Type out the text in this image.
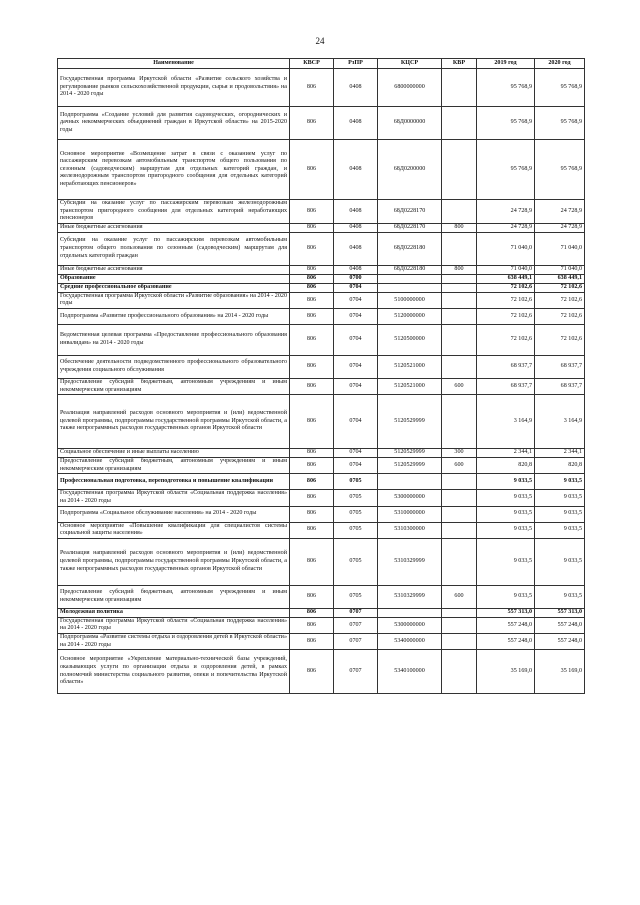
24
Наименование	КВСР	РзПР	КЦСР	КВР	2019 год	2020 год
Государственная программа Иркутской области «Развитие сельского хозяйства и регулирование рынков сельскохозяйственной продукции, сырья и продовольствия» на 2014 - 2020 годы	806	0408	6800000000		95 768,9	95 768,9
Подпрограмма «Создание условий для развития садоводческих, огороднических и дачных некоммерческих объединений граждан в Иркутской области» на 2015-2020 годы	806	0408	68Д0000000		95 768,9	95 768,9
Основное мероприятие «Возмещение затрат в связи с оказанием услуг по пассажирским перевозкам автомобильным транспортом общего пользования по сезонным (садоводческим) маршрутам для отдельных категорий граждан, и железнодорожным транспортом пригородного сообщения для отдельных категорий неработающих пенсионеров»	806	0408	68Д0200000		95 768,9	95 768,9
Субсидии на оказание услуг по пассажирским перевозкам железнодорожным транспортом пригородного сообщения для отдельных категорий неработающих пенсионеров	806	0408	68Д0228170		24 728,9	24 728,9
Иные бюджетные ассигнования	806	0408	68Д0228170	800	24 728,9	24 728,9
Субсидии на оказание услуг по пассажирским перевозкам автомобильным транспортом общего пользования по сезонным (садоводческим) маршрутам для отдельных категорий граждан	806	0408	68Д0228180		71 040,0	71 040,0
Иные бюджетные ассигнования	806	0408	68Д0228180	800	71 040,0	71 040,0
Образование	806	0700			638 449,1	638 449,1
Средние профессиональное образование	806	0704			72 102,6	72 102,6
Государственная программа Иркутской области «Развитие образования» на 2014 - 2020 годы	806	0704	5100000000		72 102,6	72 102,6
Подпрограмма «Развитие профессионального образования» на 2014 - 2020 годы	806	0704	5120000000		72 102,6	72 102,6
Ведомственная целевая программа «Предоставление профессионального образования инвалидам» на 2014 - 2020 годы	806	0704	5120500000		72 102,6	72 102,6
Обеспечение деятельности подведомственного профессионального образовательного учреждения социального обслуживания	806	0704	5120521000		68 937,7	68 937,7
Предоставление субсидий бюджетным, автономным учреждениям и иным некоммерческим организациям	806	0704	5120521000	600	68 937,7	68 937,7
Реализация направлений расходов основного мероприятия и (или) ведомственной целевой программы, подпрограммы государственной программы Иркутской области, а также непрограммных расходов государственных органов Иркутской области	806	0704	5120529999		3 164,9	3 164,9
Социальное обеспечение и иные выплаты населению	806	0704	5120529999	300	2 344,1	2 344,1
Предоставление субсидий бюджетным, автономным учреждениям и иным некоммерческим организациям	806	0704	5120529999	600	820,8	820,8
Профессиональная подготовка, переподготовка и повышение квалификации	806	0705			9 033,5	9 033,5
Государственная программа Иркутской области «Социальная поддержка населения» на 2014 - 2020 годы	806	0705	5300000000		9 033,5	9 033,5
Подпрограмма «Социальное обслуживание населения» на 2014 - 2020 годы	806	0705	5310000000		9 033,5	9 033,5
Основное мероприятие «Повышение квалификации для специалистов системы социальной защиты населения»	806	0705	5310300000		9 033,5	9 033,5
Реализация направлений расходов основного мероприятия и (или) ведомственной целевой программы, подпрограммы государственной программы Иркутской области, а также непрограммных расходов государственных органов Иркутской области	806	0705	5310329999		9 033,5	9 033,5
Предоставление субсидий бюджетным, автономным учреждениям и иным некоммерческим организациям	806	0705	5310329999	600	9 033,5	9 033,5
Молодежная политика	806	0707			557 313,0	557 313,0
Государственная программа Иркутской области «Социальная поддержка населения» на 2014 - 2020 годы	806	0707	5300000000		557 248,0	557 248,0
Подпрограмма «Развитие системы отдыха и оздоровления детей в Иркутской области» на 2014 - 2020 годы	806	0707	5340000000		557 248,0	557 248,0
Основное мероприятие «Укрепление материально-технической базы учреждений, оказывающих услуги по организации отдыха и оздоровления детей, в рамках полномочий министерства социального развития, опеки и попечительства Иркутской области»	806	0707	5340100000		35 169,0	35 169,0
